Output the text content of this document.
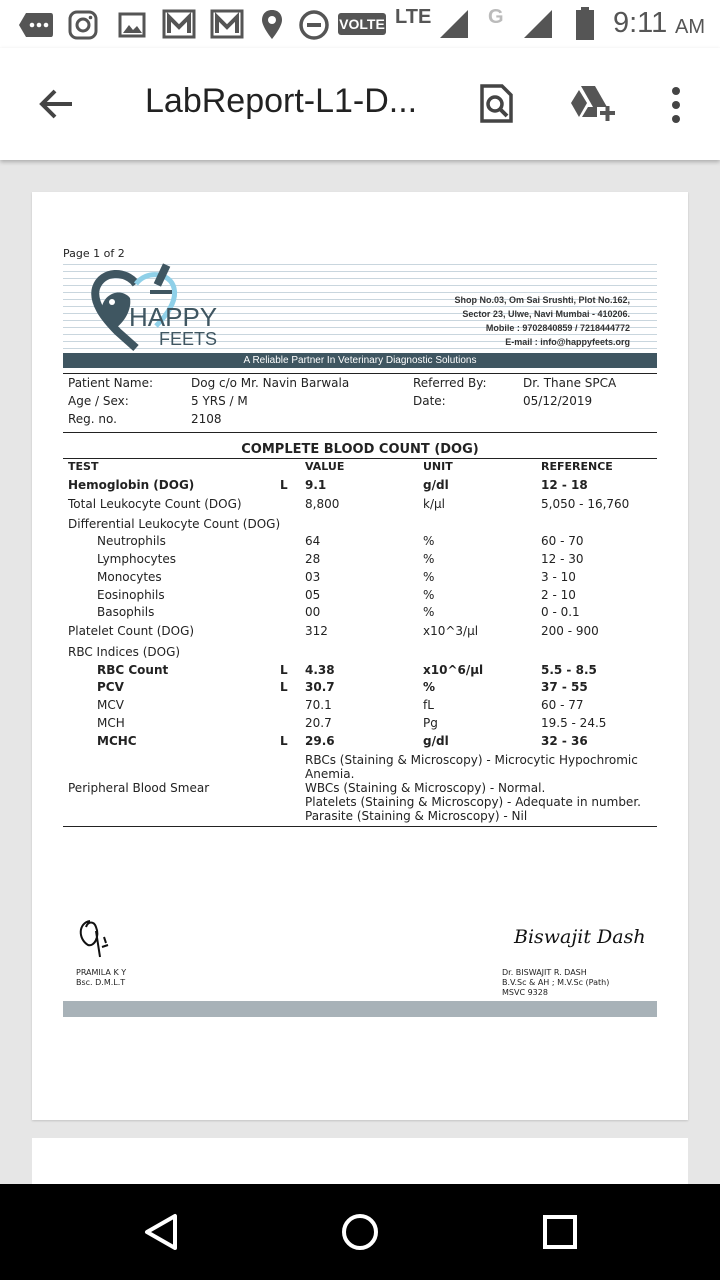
VOLTE LTE	G	9:11 AM
LabReport-L1-D...
Page 1 of 2
HAPPY
FEETS
Shop No.03, Om Sai Srushti, Plot No.162,
Sector 23, Ulwe, Navi Mumbai - 410206.
Mobile : 9702840859 / 7218444772
E-mail : info@happyfeets.org
A Reliable Partner In Veterinary Diagnostic Solutions
Patient Name:	Dog c/o Mr. Navin Barwala	Referred By:	Dr. Thane SPCA
Age / Sex:	5 YRS / M	Date:	05/12/2019
Reg. no.	2108
COMPLETE BLOOD COUNT (DOG)
TEST	VALUE	UNIT	REFERENCE
Hemoglobin (DOG)	L 9.1	g/dl	12 - 18
Total Leukocyte Count (DOG)	8,800	k/µl	5,050 - 16,760
Differential Leukocyte Count (DOG)
Neutrophils	64	%	60 - 70
Lymphocytes	28	%	12 - 30
Monocytes	03	%	3 - 10
Eosinophils	05	%	2 - 10
Basophils	00	%	0 - 0.1
Platelet Count (DOG)	312	x10^3/µl	200 - 900
RBC Indices (DOG)
RBC Count	L 4.38	x10^6/µl	5.5 - 8.5
PCV	L 30.7	%	37 - 55
MCV	70.1	fL	60 - 77
MCH	20.7	Pg	19.5 - 24.5
MCHC	L 29.6	g/dl	32 - 36
Peripheral Blood Smear
RBCs (Staining & Microscopy) - Microcytic Hypochromic
Anemia.
WBCs (Staining & Microscopy) - Normal.
Platelets (Staining & Microscopy) - Adequate in number.
Parasite (Staining & Microscopy) - Nil
PRAMILA K Y
Bsc. D.M.L.T
Biswajit Dash
Dr. BISWAJIT R. DASH
B.V.Sc & AH ; M.V.Sc (Path)
MSVC 9328
